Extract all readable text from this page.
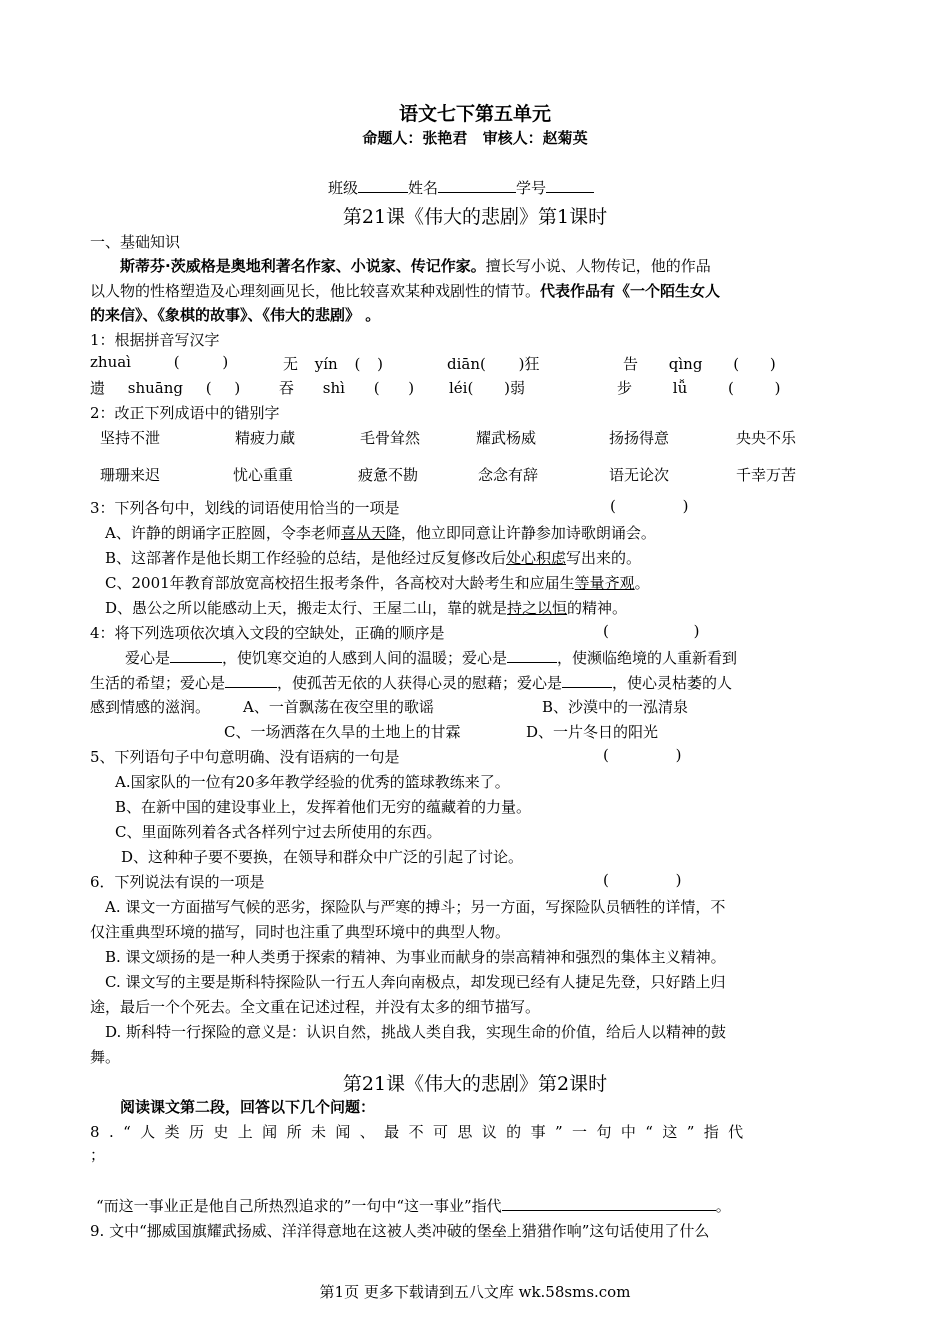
语文七下第五单元
命题人：张艳君 审核人：赵菊英
班级	姓名	学号
第21课《伟大的悲剧》第1课时
一、基础知识
斯蒂芬·茨威格是奥地利著名作家、小说家、传记作家。擅长写小说、人物传记，他的作品
以人物的性格塑造及心理刻画见长，他比较喜欢某种戏剧性的情节。代表作品有《一个陌生女人
的来信》、《象棋的故事》、《伟大的悲剧》 。
1：根据拼音写汉字
zhuaì ( )	无 yín ( )	diān( )狂	告 qìng ( )
遗 shuāng ( )	吞 shì ( ) léi( )弱	步 lǚ ( )
2：改正下列成语中的错别字
坚持不泄	精疲力蕆	毛骨耸然	耀武杨威	扬扬得意	央央不乐
珊珊来迟	忧心重重	疲惫不勘	念念有辞	语无论次	千幸万苦
3：下列各句中，划线的词语使用恰当的一项是	( )
A、许静的朗诵字正腔圆，令李老师喜从天降，他立即同意让许静参加诗歌朗诵会。
B、这部著作是他长期工作经验的总结，是他经过反复修改后处心积虑写出来的。
C、2001年教育部放宽高校招生报考条件，各高校对大龄考生和应届生等量齐观。
D、愚公之所以能感动上天，搬走太行、王屋二山，靠的就是持之以恒的精神。
4：将下列选项依次填入文段的空缺处，正确的顺序是	( )
爱心是	，使饥寒交迫的人感到人间的温暖；爱心是	，使濒临绝境的人重新看到
生活的希望；爱心是	，使孤苦无依的人获得心灵的慰藉；爱心是	，使心灵枯萎的人
感到情感的滋润。 A、一首飘荡在夜空里的歌谣	B、沙漠中的一泓清泉
C、一场洒落在久旱的土地上的甘霖	D、一片冬日的阳光
5、下列语句子中句意明确、没有语病的一句是	( )
A.国家队的一位有20多年教学经验的优秀的篮球教练来了。
B、在新中国的建设事业上，发挥着他们无穷的蕴藏着的力量。
C、里面陈列着各式各样列宁过去所使用的东西。
D、这种种子要不要换，在领导和群众中广泛的引起了讨论。
6．下列说法有误的一项是	( )
A. 课文一方面描写气候的恶劣，探险队与严寒的搏斗；另一方面，写探险队员牺牲的详情，不
仅注重典型环境的描写，同时也注重了典型环境中的典型人物。
B. 课文颂扬的是一种人类勇于探索的精神、为事业而献身的崇高精神和强烈的集体主义精神。
C. 课文写的主要是斯科特探险队一行五人奔向南极点，却发现已经有人捷足先登，只好踏上归
途，最后一个个死去。全文重在记述过程，并没有太多的细节描写。
D. 斯科特一行探险的意义是：认识自然，挑战人类自我，实现生命的价值，给后人以精神的鼓
舞。
第21课《伟大的悲剧》第2课时
阅读课文第二段，回答以下几个问题：
8.“人类历史上闻所未闻、最不可思议的事”一句中“这”指代
；
“而这一事业正是他自己所热烈追求的”一句中“这一事业”指代	。
9. 文中“挪威国旗耀武扬威、洋洋得意地在这被人类冲破的堡垒上猎猎作响”这句话使用了什么
第1页 更多下载请到五八文库 wk.58sms.com
